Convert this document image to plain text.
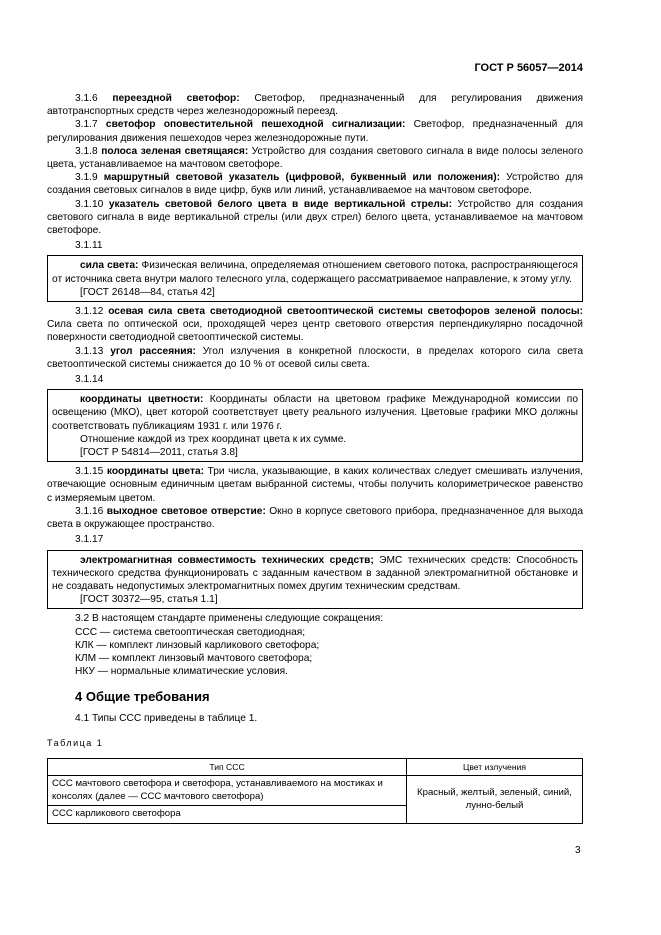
ГОСТ Р 56057—2014

3.1.6 переездной светофор: Светофор, предназначенный для регулирования движения автотранспортных средств через железнодорожный переезд.

3.1.7 светофор оповестительной пешеходной сигнализации: Светофор, предназначенный для регулирования движения пешеходов через железнодорожные пути.

3.1.8 полоса зеленая светящаяся: Устройство для создания светового сигнала в виде полосы зеленого цвета, устанавливаемое на мачтовом светофоре.

3.1.9 маршрутный световой указатель (цифровой, буквенный или положения): Устройство для создания световых сигналов в виде цифр, букв или линий, устанавливаемое на мачтовом светофоре.

3.1.10 указатель световой белого цвета в виде вертикальной стрелы: Устройство для создания светового сигнала в виде вертикальной стрелы (или двух стрел) белого цвета, устанавливаемое на мачтовом светофоре.

3.1.11

сила света: Физическая величина, определяемая отношением светового потока, распространяющегося от источника света внутри малого телесного угла, содержащего рассматриваемое направление, к этому углу.

[ГОСТ 26148—84, статья 42]

3.1.12 осевая сила света светодиодной светооптической системы светофоров зеленой полосы: Сила света по оптической оси, проходящей через центр светового отверстия перпендикулярно посадочной поверхности светодиодной светооптической системы.

3.1.13 угол рассеяния: Угол излучения в конкретной плоскости, в пределах которого сила света светооптической системы снижается до 10 % от осевой силы света.

3.1.14

координаты цветности: Координаты области на цветовом графике Международной комиссии по освещению (МКО), цвет которой соответствует цвету реального излучения. Цветовые графики МКО должны соответствовать публикациям 1931 г. или 1976 г.

Отношение каждой из трех координат цвета к их сумме.

[ГОСТ Р 54814—2011, статья 3.8]

3.1.15 координаты цвета: Три числа, указывающие, в каких количествах следует смешивать излучения, отвечающие основным единичным цветам выбранной системы, чтобы получить колориметрическое равенство с измеряемым цветом.

3.1.16 выходное световое отверстие: Окно в корпусе светового прибора, предназначенное для выхода света в окружающее пространство.

3.1.17

электромагнитная совместимость технических средств; ЭМС технических средств: Способность технического средства функционировать с заданным качеством в заданной электромагнитной обстановке и не создавать недопустимых электромагнитных помех другим техническим средствам.

[ГОСТ 30372—95, статья 1.1]

3.2 В настоящем стандарте применены следующие сокращения:

ССС — система светооптическая светодиодная;

КЛК — комплект линзовый карликового светофора;

КЛМ — комплект линзовый мачтового светофора;

НКУ — нормальные климатические условия.

4 Общие требования

4.1 Типы ССС приведены в таблице 1.

Таблица 1
Тип ССС	Цвет излучения
ССС мачтового светофора и светофора, устанавливаемого на мостиках и консолях (далее — ССС мачтового светофора)	Красный, желтый, зеленый, синий, лунно-белый
ССС карликового светофора	
3
